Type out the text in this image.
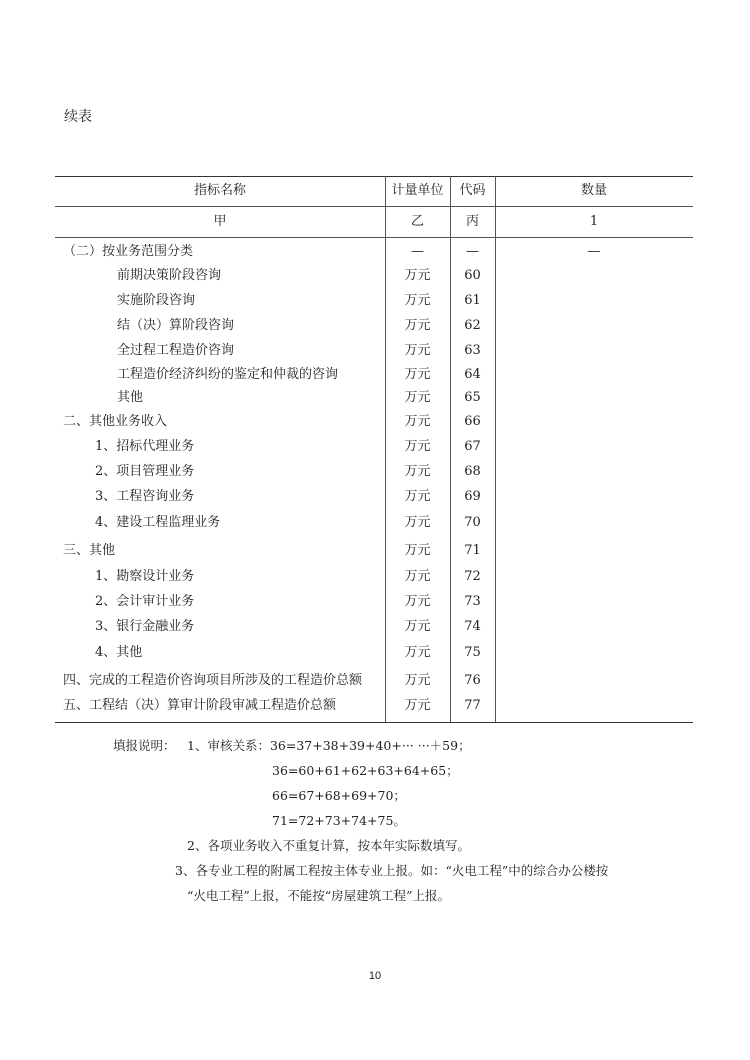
续表
指标名称	计量单位	代码	数量
甲	乙	丙	1
（二）按业务范围分类	—	—	—
前期决策阶段咨询	万元	60
实施阶段咨询	万元	61
结（决）算阶段咨询	万元	62
全过程工程造价咨询	万元	63
工程造价经济纠纷的鉴定和仲裁的咨询	万元	64
其他	万元	65
二、其他业务收入	万元	66
1、招标代理业务	万元	67
2、项目管理业务	万元	68
3、工程咨询业务	万元	69
4、建设工程监理业务	万元	70
三、其他	万元	71
1、勘察设计业务	万元	72
2、会计审计业务	万元	73
3、银行金融业务	万元	74
4、其他	万元	75
四、完成的工程造价咨询项目所涉及的工程造价总额	万元	76
五、工程结（决）算审计阶段审减工程造价总额	万元	77
填报说明： 1、审核关系：36=37+38+39+40+··· ···＋59；
36=60+61+62+63+64+65；
66=67+68+69+70；
71=72+73+74+75。
2、各项业务收入不重复计算，按本年实际数填写。
3、各专业工程的附属工程按主体专业上报。如：“火电工程”中的综合办公楼按
“火电工程”上报，不能按“房屋建筑工程”上报。
10
